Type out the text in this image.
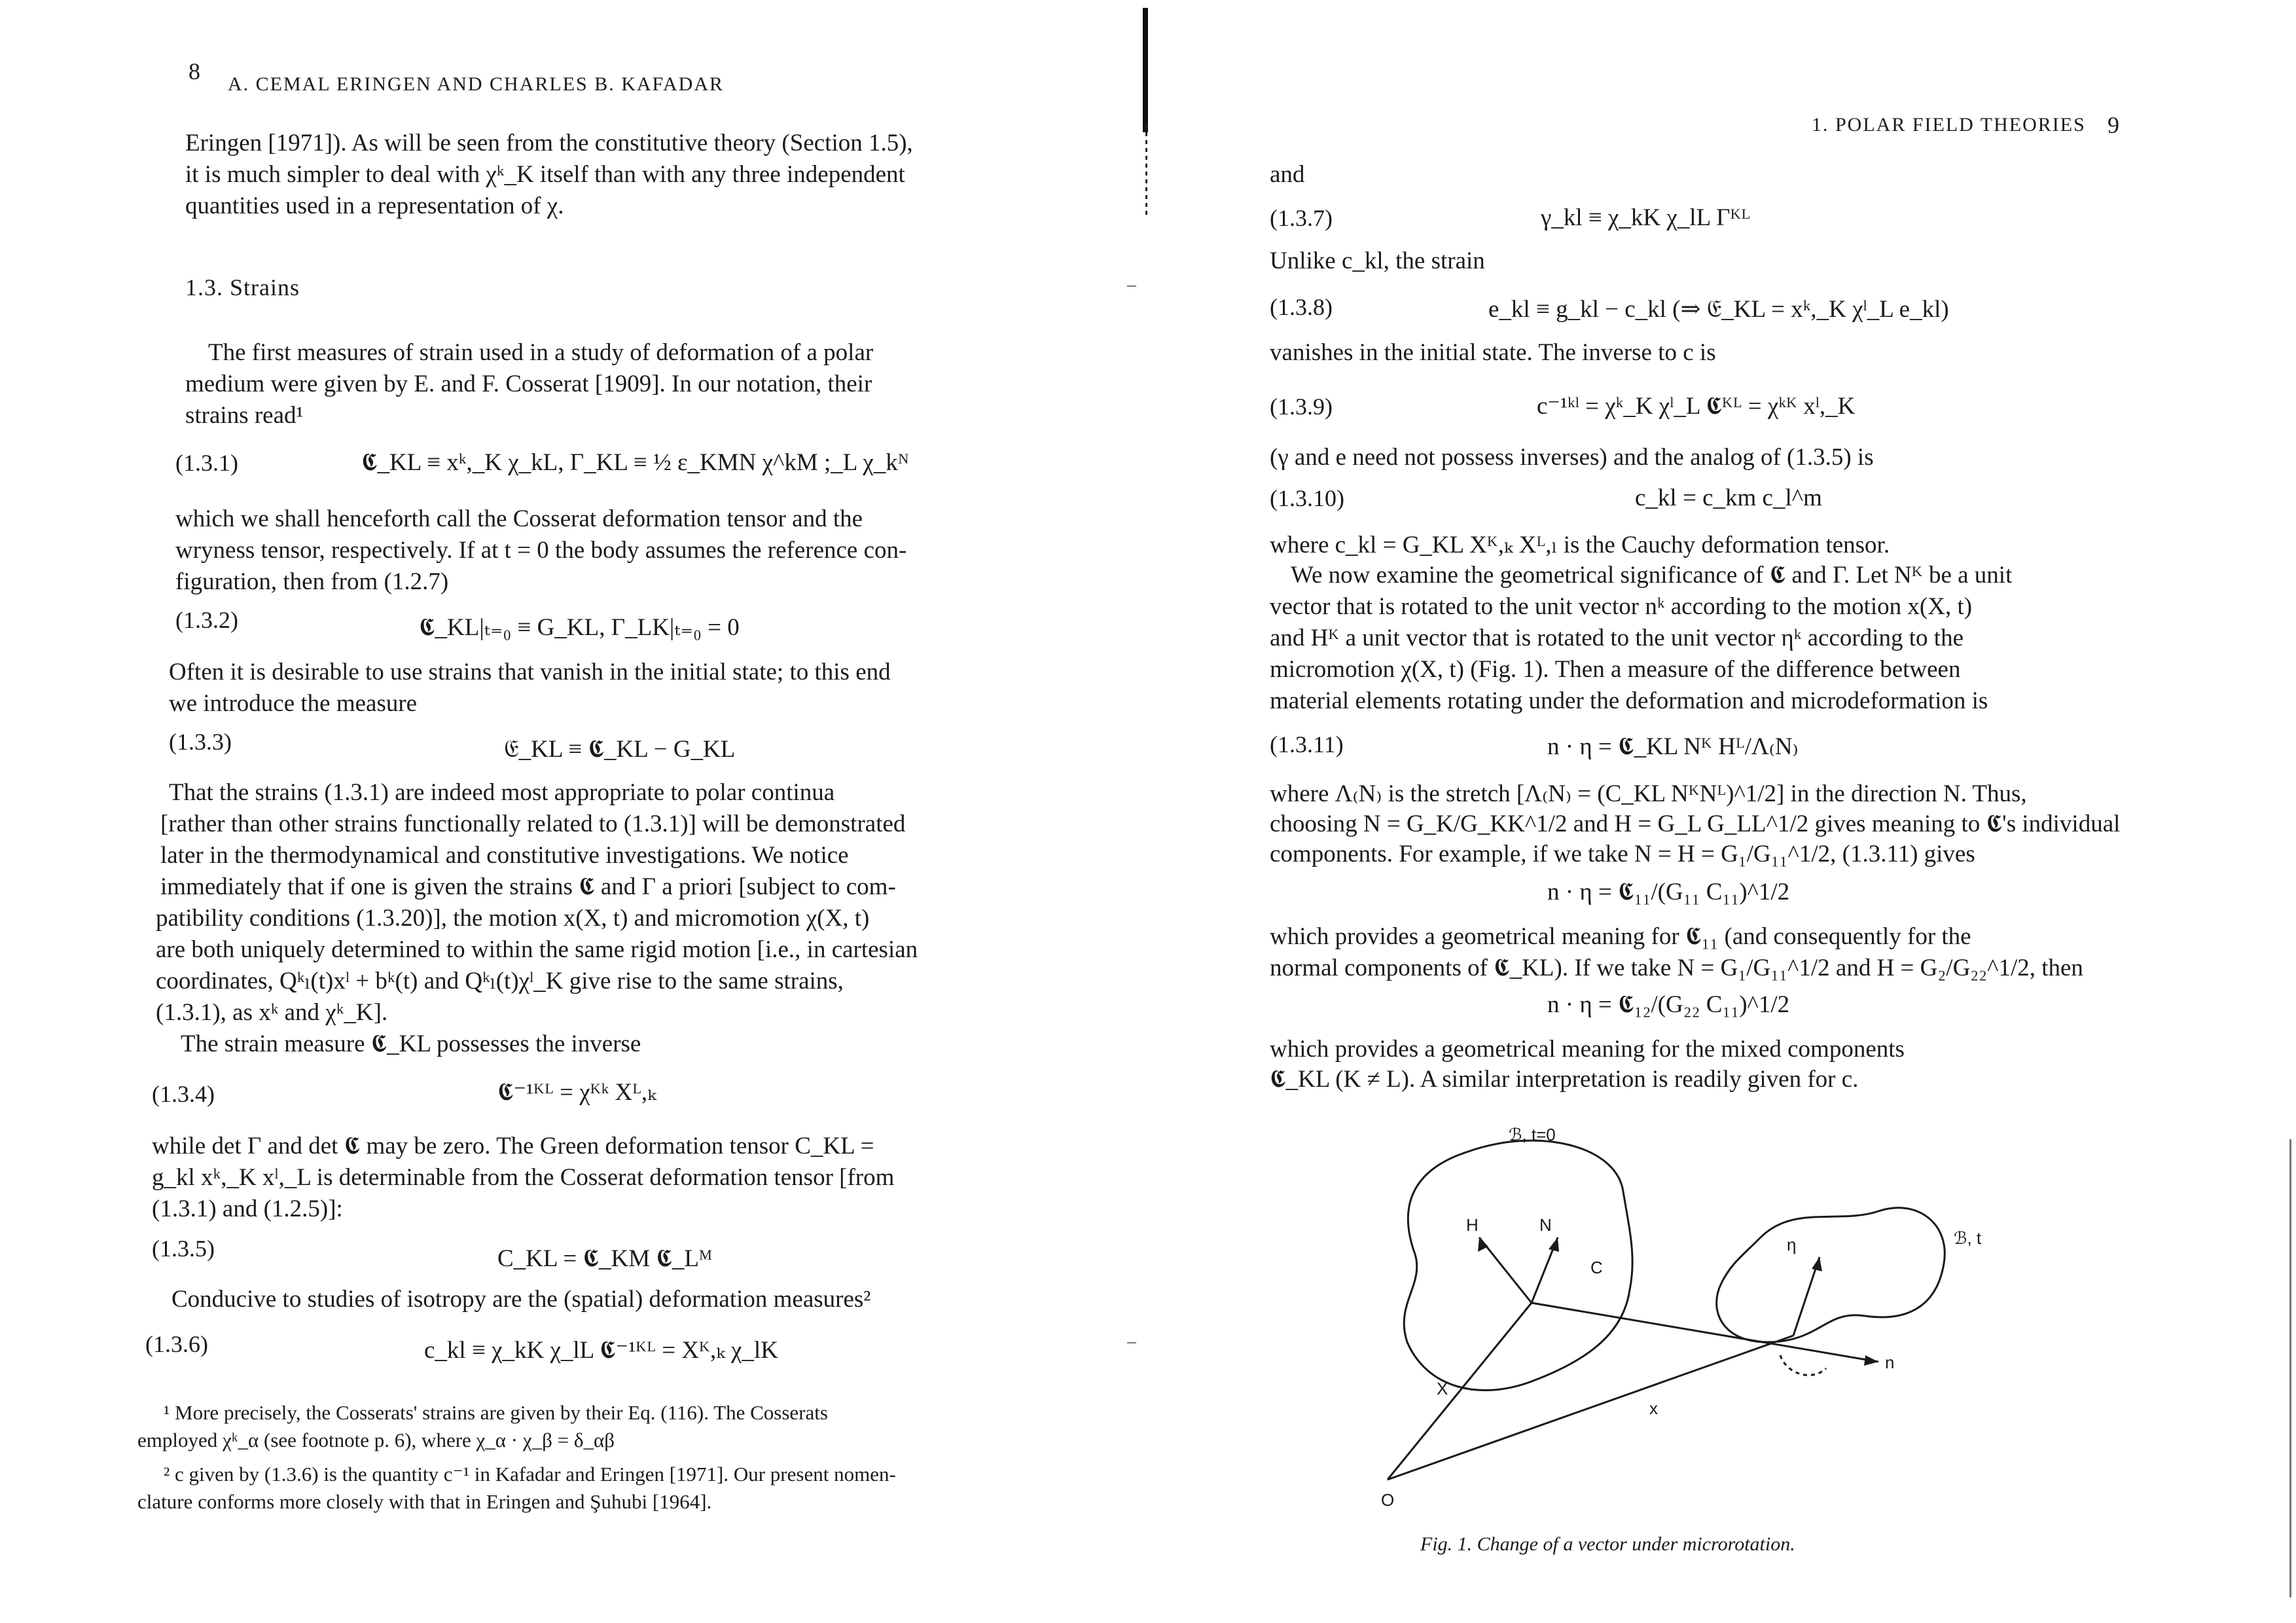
8 A. CEMAL ERINGEN AND CHARLES B. KAFADAR
Eringen [1971]). As will be seen from the constitutive theory (Section 1.5),
it is much simpler to deal with χᵏ_K itself than with any three independent
quantities used in a representation of χ.
1.3. Strains
The first measures of strain used in a study of deformation of a polar
medium were given by E. and F. Cosserat [1909]. In our notation, their
strains read¹
(1.3.1)	𝕮_KL ≡ xᵏ,_K χ_kL, Γ_KL ≡ ½ ε_KMN χ^kM ;_L χ_kᴺ
which we shall henceforth call the Cosserat deformation tensor and the
wryness tensor, respectively. If at t = 0 the body assumes the reference con-
figuration, then from (1.2.7)
(1.3.2)	𝕮_KL|ₜ₌₀ ≡ G_KL, Γ_LK|ₜ₌₀ = 0
Often it is desirable to use strains that vanish in the initial state; to this end
we introduce the measure
(1.3.3)	𝔈_KL ≡ 𝕮_KL − G_KL
That the strains (1.3.1) are indeed most appropriate to polar continua
[rather than other strains functionally related to (1.3.1)] will be demonstrated
later in the thermodynamical and constitutive investigations. We notice
immediately that if one is given the strains 𝕮 and Γ a priori [subject to com-
patibility conditions (1.3.20)], the motion x(X, t) and micromotion χ(X, t)
are both uniquely determined to within the same rigid motion [i.e., in cartesian
coordinates, Qᵏₗ(t)xˡ + bᵏ(t) and Qᵏₗ(t)χˡ_K give rise to the same strains,
(1.3.1), as xᵏ and χᵏ_K].
The strain measure 𝕮_KL possesses the inverse
(1.3.4)	𝕮⁻¹ᴷᴸ = χᴷᵏ Xᴸ,ₖ
while det Γ and det 𝕮 may be zero. The Green deformation tensor C_KL =
g_kl xᵏ,_K xˡ,_L is determinable from the Cosserat deformation tensor [from
(1.3.1) and (1.2.5)]:
(1.3.5)	C_KL = 𝕮_KM 𝕮_Lᴹ
Conducive to studies of isotropy are the (spatial) deformation measures²
(1.3.6)	c_kl ≡ χ_kK χ_lL 𝕮⁻¹ᴷᴸ = Xᴷ,ₖ χ_lK
¹ More precisely, the Cosserats' strains are given by their Eq. (116). The Cosserats
employed χᵏ_α (see footnote p. 6), where χ_α · χ_β = δ_αβ
² c given by (1.3.6) is the quantity c⁻¹ in Kafadar and Eringen [1971]. Our present nomen-
clature conforms more closely with that in Eringen and Şuhubi [1964].
1. POLAR FIELD THEORIES 9
and
(1.3.7)	γ_kl ≡ χ_kK χ_lL Γᴷᴸ
Unlike c_kl, the strain
(1.3.8)	e_kl ≡ g_kl − c_kl (⇒ 𝔈_KL = xᵏ,_K χˡ_L e_kl)
vanishes in the initial state. The inverse to c is
(1.3.9)	c⁻¹ᵏˡ = χᵏ_K χˡ_L 𝕮ᴷᴸ = χᵏᴷ xˡ,_K
(γ and e need not possess inverses) and the analog of (1.3.5) is
(1.3.10)	c_kl = c_km c_l^m
where c_kl = G_KL Xᴷ,ₖ Xᴸ,ₗ is the Cauchy deformation tensor.
We now examine the geometrical significance of 𝕮 and Γ. Let Nᴷ be a unit
vector that is rotated to the unit vector nᵏ according to the motion x(X, t)
and Hᴷ a unit vector that is rotated to the unit vector ηᵏ according to the
micromotion χ(X, t) (Fig. 1). Then a measure of the difference between
material elements rotating under the deformation and microdeformation is
(1.3.11)	n · η = 𝕮_KL Nᴷ Hᴸ/Λ₍N₎
where Λ₍N₎ is the stretch [Λ₍N₎ = (C_KL NᴷNᴸ)^1/2] in the direction N. Thus,
choosing N = G_K/G_KK^1/2 and H = G_L G_LL^1/2 gives meaning to 𝕮's individual
components. For example, if we take N = H = G₁/G₁₁^1/2, (1.3.11) gives
n · η = 𝕮₁₁/(G₁₁ C₁₁)^1/2
which provides a geometrical meaning for 𝕮₁₁ (and consequently for the
normal components of 𝕮_KL). If we take N = G₁/G₁₁^1/2 and H = G₂/G₂₂^1/2, then
n · η = 𝕮₁₂/(G₂₂ C₁₁)^1/2
which provides a geometrical meaning for the mixed components
𝕮_KL (K ≠ L). A similar interpretation is readily given for c.
ℬ, t=0
ℬ, t
H	N
η
n
X
x
C
O
Fig. 1. Change of a vector under microrotation.
